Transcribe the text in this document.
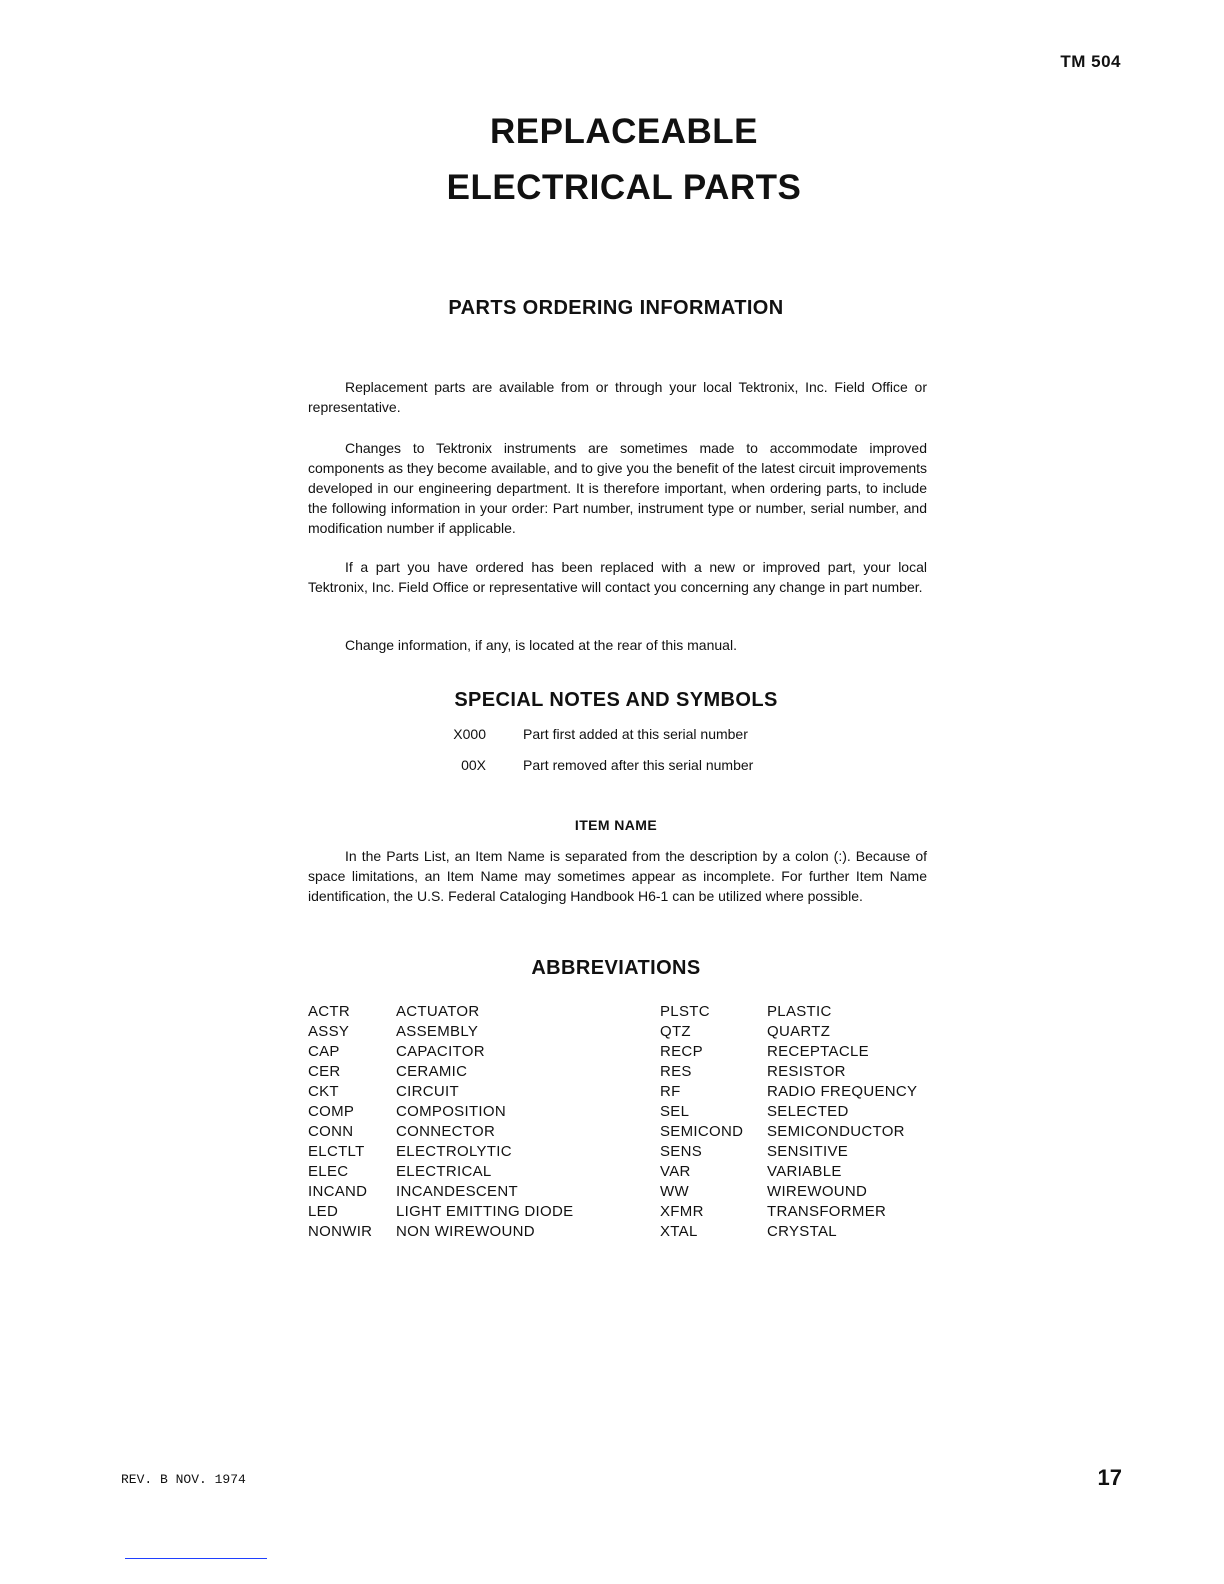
TM 504
REPLACEABLE
ELECTRICAL PARTS
PARTS ORDERING INFORMATION

Replacement parts are available from or through your local Tektronix, Inc. Field Office or representative.

Changes to Tektronix instruments are sometimes made to accommodate improved components as they become available, and to give you the benefit of the latest circuit improvements developed in our engineering department. It is therefore important, when ordering parts, to include the following information in your order: Part number, instrument type or number, serial number, and modification number if applicable.

If a part you have ordered has been replaced with a new or improved part, your local Tektronix, Inc. Field Office or representative will contact you concerning any change in part number.

Change information, if any, is located at the rear of this manual.

SPECIAL NOTES AND SYMBOLS
X000	Part first added at this serial number
00X	Part removed after this serial number
ITEM NAME

In the Parts List, an Item Name is separated from the description by a colon (:). Because of space limitations, an Item Name may sometimes appear as incomplete. For further Item Name identification, the U.S. Federal Cataloging Handbook H6-1 can be utilized where possible.

ABBREVIATIONS
ACTR	ACTUATOR
ASSY	ASSEMBLY
CAP	CAPACITOR
CER	CERAMIC
CKT	CIRCUIT
COMP	COMPOSITION
CONN	CONNECTOR
ELCTLT	ELECTROLYTIC
ELEC	ELECTRICAL
INCAND	INCANDESCENT
LED	LIGHT EMITTING DIODE
NONWIR	NON WIREWOUND
PLSTC	PLASTIC
QTZ	QUARTZ
RECP	RECEPTACLE
RES	RESISTOR
RF	RADIO FREQUENCY
SEL	SELECTED
SEMICOND	SEMICONDUCTOR
SENS	SENSITIVE
VAR	VARIABLE
WW	WIREWOUND
XFMR	TRANSFORMER
XTAL	CRYSTAL
REV. B NOV. 1974	17
